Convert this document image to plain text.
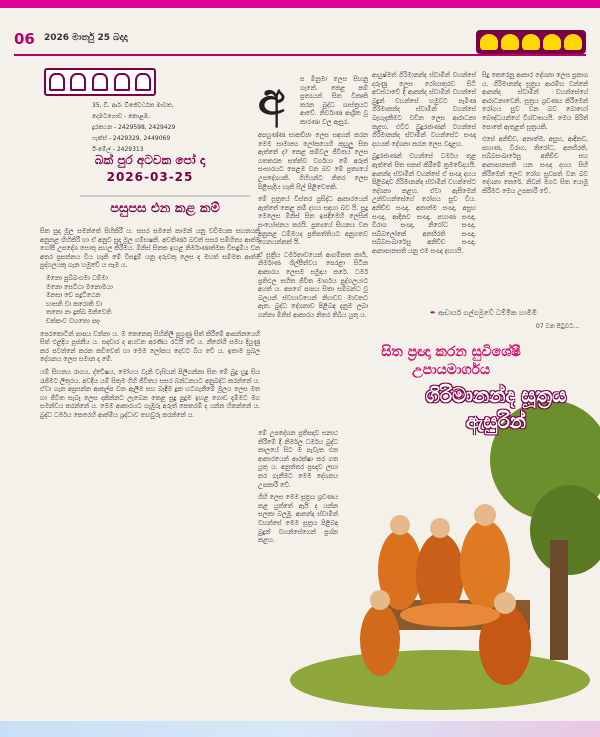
06 2026 මාර්තු 25 බදාදා
35, ඩී. ආර්. විජේවර්ධන මාවත,
දෙමටගොඩ - කොළඹ.
දුරකථන - 2429598, 2429429
ෆැක්ස් - 2429329, 2449069
ඊ-මේල් - 2429313
බක් පුර අටවක පෝ දා
2026-03-25
පසුපස එන කළ කම්

සිත සුදා මූල සමන්තේ සිහිකිරී ය. සසර සමනේ කාමන් යනු වචීමයක සහනයකි අනුනළ හිහිකිරී හා ඒ අනුව සුදා මූල ගම්භෂකි. අවතීර්ණ බවත් සසර සමිහිත්‍ය ආත්ම ගෝපී උපදේශ සොතු පහල කිරීමය. මිනිස් සිතක ඉහළ නිර්මාණාත්මක විසඳුම්ය වන අතර ප්‍රසන්නය විය හැකි මේ විසඳුම් යනු දරුවකු ලෙස ද මහත් සම්මත ආත්ම පුද්ගලයකු ගැන හමුවේ ය සෑම ය.

මනො පුබ්බංගමා ධම්මා
මනො සෙට්ඨා මනොමයා
මනසා චෙ පදුට්ඨෙන
භාසති වා කරොති වා
තතො නං දුක්ඛ මන්වෙති
චක්කංව වහතො පදං

පෙරකොටින් පාපය වන්නා ය. ම කෙනෙකු සිහිනිලි පුගුණු සිත් කිරීමේ ආපන්නයෙහි සිත් එළදිය පූජනීය ය. සදාචාර ද අයවන අරණිය රටයි වේ ය. නීරෝගී සමය දියුණු කර පවත්නේ කරන කවිවෙත් හා මෙම ලෝකය දෙවට බිය වේ ය. ඉතාම ප්‍රබල දේශනය ලෙස සමාන ද මේ.

යම් සිහනය රාගය, ද්වේෂය, මෝහය වැනි වැසියන් පිලිගන්නා සිත මේ බුදු හුදු සිය රැජිමට ලිතුරය. අවදීය යම් සිතුම ගිහි ජීවිතය සසර බන්ධනයට අනුබද්ධ කරන්නේ ය. ඒවා ගැන අප්‍රසන්න ආකල්ප වන ඇලීම සහ බැඳීම දුක හටගැනීමේ මූලය ලෙස මත හා ජීවිත සැබෑ ලෙස දකින්නට ලැබෙන කෙළ සුදු පුදුම ඉහළ ගොඩ දැමීමට මග සමන්වය කරන්නේ ය. මෙම ආකාරයට ගැඹුරු අරුත් කෙතරම් ද යන්න හිතන්නේ ය. බුද්ධ ධර්මය කෙරෙහි ආත්මීය ශ්‍රද්ධාව තහවුරු කරන්නේ ය.

අ	ප මිනුමා ලෙස සිහනු ගැනේ. කෙළ කම් ප්‍රත්‍යයන් සිත විකෘති කරන බුද්ධ ශාස්ත්‍රයට ආවේ. නිර්වාණ ආශ්‍රිත වූ කාරණා වල ඇසුර.

අපහුණ්ණ සාකච්ඡා ලෙස සඳහන් කරන මෙම සාමාන්‍ය ලෝකයෙහි කුහුලු සිත ඇත්තේ ද? කෙළ කම්වල ජීවිතය ලෙස ගතකරන සත්ත්ව වර්ගයා මේ අරුත් සංසාරයට පෙළඹ වන බව මේ ප්‍රත්‍යයේ උපදේශයකි. ගිහියන්ට නිතර ලෙස පිළිපැදිය හැකි සිල් පිළිවෙතකි.

මේ සූත්‍රයේ විස්තර ප්‍රසිද්ධ ආකාරයෙන් ඇත්තේ කෙළ කම් දහය සඳහා බව යි. සුදු මෙලෙස මිනිස් සිත ඉපදීමෙහි ලෙසින් සංයෝජනය කරයි. ප්‍රත්‍යයේ සිහනය වන අනුනළ ධම්මයද ප්‍රතිපත්තියට අනුගතව ගෙනයන්නක් යි.

ඒ සූත්‍රීය ධර්මතාවයෙන් ආගම්කත කාර්‍ය, නිර්මාණ ශිල්පීත්වය පෙරළා සිටින ආකාරය ලෙසම සමුදාය කරේ. ධර්ම ප්‍රතිඵල සහිත ජීවිත මාර්ගය පුද්ගලයාට අයත් ය. අපගේ පාපය සිතා සම්බන්ධ වූ බලයන් ස්වභාවයෙන් නිහඬව මාවතට ඇත. බුද්ධ දේශනාව පිළිබඳ දැනුම ලබා ගන්නා මිනිස් ආකාරය නිතර තිබිය යුතු ය.

මේ උපදේශන ප්‍රතිපදාව සනාථ කිරීමේ දී නිර්මල ධර්මය බුද්ධ කාලයේ සිට ම පැවැත එන ආකාරයෙන් ආරක්ෂා කර ගත යුතු ය. අනුත්තර ප්‍රඥාව ලඟා කර ගැනීමට මෙම දේශනය උපකාරී වේ.

ගිහි ලෙස මෙම සූත්‍රය ශ්‍රවණය කළ යුත්තේ ඇයි ද යන්න සලකා බලමු. ආනන්ද ස්වාමීන් වහන්සේ මෙම සූත්‍රය පිළිබඳ බුදුන් වහන්සේගෙන් ප්‍රශ්න කළහ.

ආයුෂ්මත් ගිරිමානන්ද ස්වාමීන් වහන්සේ දරුණු ලෙස රෝගාතුරව සිටි අවස්ථාවේ දී ආනන්ද ස්වාමීන් වහන්සේ බුදුන් වහන්සේ හමුවට පැමිණ ගිරිමානන්ද ස්වාමීන් වහන්සේ බැහැදැකීමට වඩින ලෙස ආරාධනා කළහ. එවිට බුදුරජාණන් වහන්සේ ගිරිමානන්ද ස්වාමීන් වහන්සේට සංඥා දහයක් දේශනා කරන ලෙස වදාළහ.

බුදුරජාණන් වහන්සේ ධර්මය තුළ ඇත්තේ සිත සකස් කිරීමේ ක්‍රමවේදයයි. ආනන්ද ස්වාමීන් වහන්සේ ඒ සංඥා දහය පිළිබඳව ගිරිමානන්ද ස්වාමීන් වහන්සේට දේශනා කළහ. ඒවා ඇසීමෙන් උන්වහන්සේගේ රෝගය සුව විය. අනිච්ච සංඥා, අනාත්ම සංඥා, අසුභ සංඥා, ආදීනව සංඥා, පහාණ සංඥා, විරාග සංඥා, නිරෝධ සංඥා, සබ්බලෝකේ අනභිරති සංඥා, සබ්බසංඛාරේසු අනිච්ච සංඥා, ආනාපානසති යනු එම සංඥා දහයයි.

සිදු කෙරෙනු ආකාර දේශනා ලෙස ප්‍රකාශ ය. ගිරිමානන්ද සූත්‍රය ආරම්භ වන්නේ ආනන්ද ස්වාමීන් වහන්සේගේ ආරාධනාවෙනි. සූත්‍රය ශ්‍රවණය කිරීමෙන් රෝගය සුව වන බව බොහෝ බෞද්ධයන්ගේ විශ්වාසයයි. මෙය පිරිත් පොතේ ඇතුළත් සූත්‍රයකි.

එසේ අනිච්ච, අනාත්ම, අසුභ, ආදීනව, පහාණ, විරාග, නිරෝධ, අනභිරති, සබ්බසංඛාරේසු අනිච්ච සහ ආනාපානසති යන සංඥා දහය සිහි කිරීමෙන් ලෙඩ රෝග සුවපත් වන බව දේශනා කෙරේ. නිවන් මගට සිත යොමු කිරීමට මෙය උපකාරී වේ.

✒ ආචාර්ය ගල්ගමුවේ ධම්මික හාමිමි
07 වන පිටුවට...
සිත ප්‍රඥා කරන සුවිශේෂී උපායමාර්ගය
ගිරිමානන්ද සූත්‍රය ඇසුරින්
